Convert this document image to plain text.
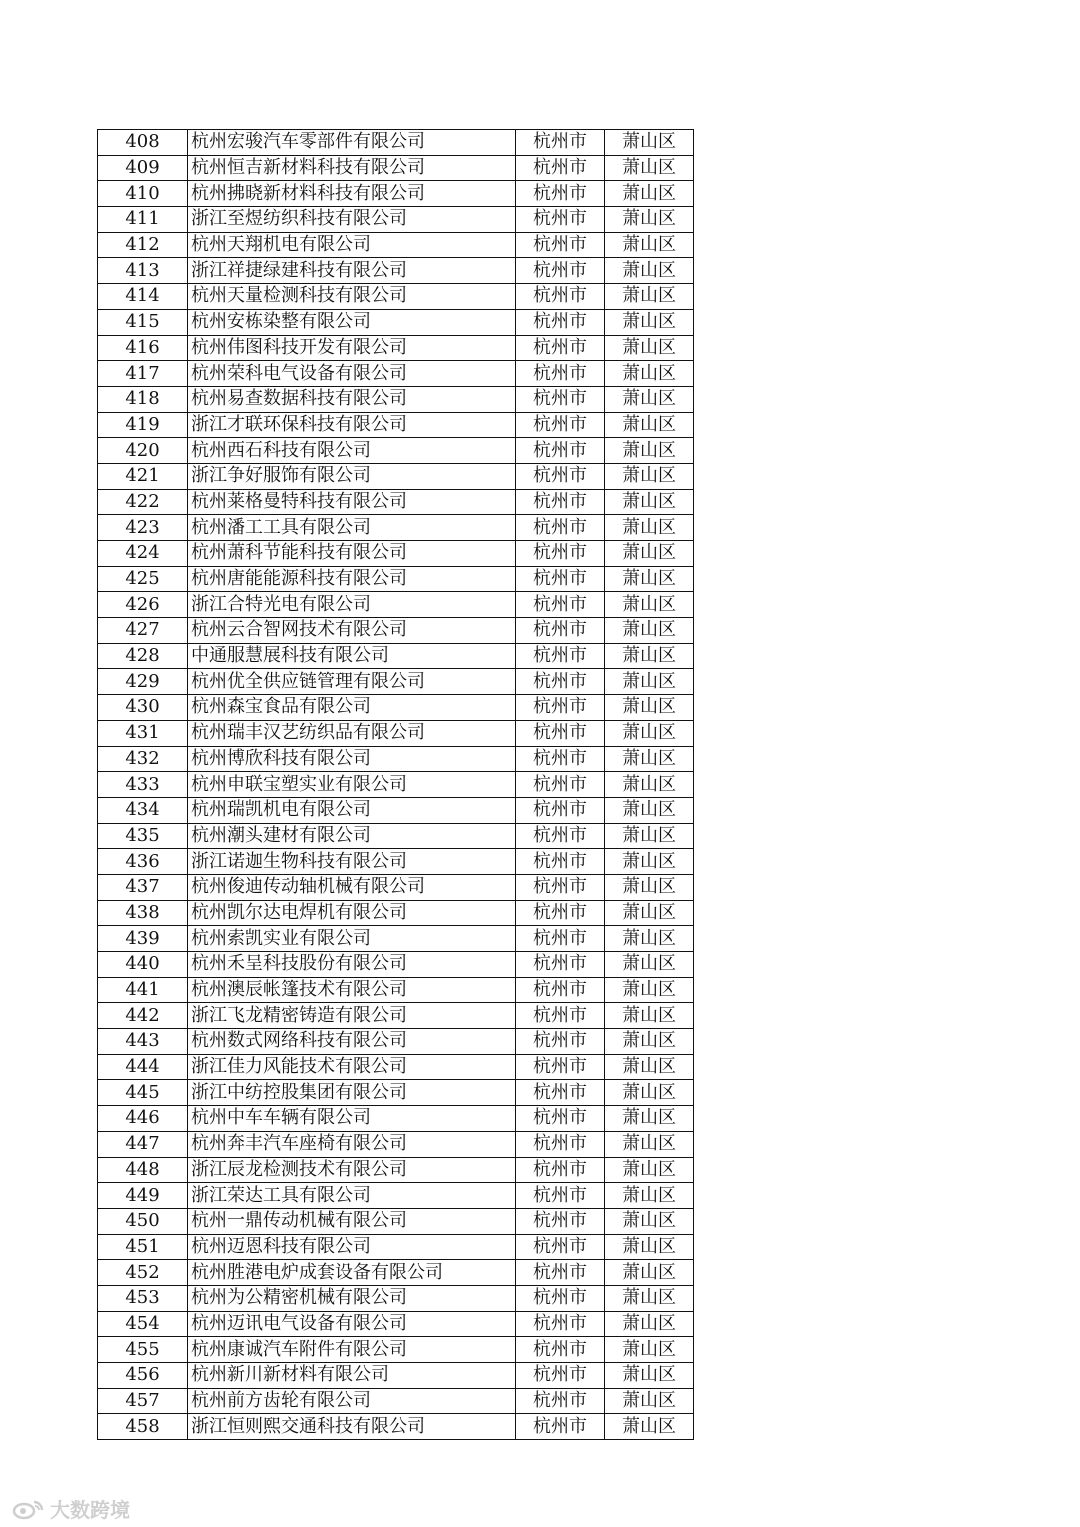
408	杭州宏骏汽车零部件有限公司	杭州市	萧山区
409	杭州恒吉新材料科技有限公司	杭州市	萧山区
410	杭州拂晓新材料科技有限公司	杭州市	萧山区
411	浙江至煜纺织科技有限公司	杭州市	萧山区
412	杭州天翔机电有限公司	杭州市	萧山区
413	浙江祥捷绿建科技有限公司	杭州市	萧山区
414	杭州天量检测科技有限公司	杭州市	萧山区
415	杭州安栋染整有限公司	杭州市	萧山区
416	杭州伟图科技开发有限公司	杭州市	萧山区
417	杭州荣科电气设备有限公司	杭州市	萧山区
418	杭州易查数据科技有限公司	杭州市	萧山区
419	浙江才联环保科技有限公司	杭州市	萧山区
420	杭州西石科技有限公司	杭州市	萧山区
421	浙江争好服饰有限公司	杭州市	萧山区
422	杭州莱格曼特科技有限公司	杭州市	萧山区
423	杭州潘工工具有限公司	杭州市	萧山区
424	杭州萧科节能科技有限公司	杭州市	萧山区
425	杭州唐能能源科技有限公司	杭州市	萧山区
426	浙江合特光电有限公司	杭州市	萧山区
427	杭州云合智网技术有限公司	杭州市	萧山区
428	中通服慧展科技有限公司	杭州市	萧山区
429	杭州优全供应链管理有限公司	杭州市	萧山区
430	杭州森宝食品有限公司	杭州市	萧山区
431	杭州瑞丰汉艺纺织品有限公司	杭州市	萧山区
432	杭州博欣科技有限公司	杭州市	萧山区
433	杭州申联宝塑实业有限公司	杭州市	萧山区
434	杭州瑞凯机电有限公司	杭州市	萧山区
435	杭州潮头建材有限公司	杭州市	萧山区
436	浙江诺迦生物科技有限公司	杭州市	萧山区
437	杭州俊迪传动轴机械有限公司	杭州市	萧山区
438	杭州凯尔达电焊机有限公司	杭州市	萧山区
439	杭州索凯实业有限公司	杭州市	萧山区
440	杭州禾呈科技股份有限公司	杭州市	萧山区
441	杭州澳辰帐篷技术有限公司	杭州市	萧山区
442	浙江飞龙精密铸造有限公司	杭州市	萧山区
443	杭州数式网络科技有限公司	杭州市	萧山区
444	浙江佳力风能技术有限公司	杭州市	萧山区
445	浙江中纺控股集团有限公司	杭州市	萧山区
446	杭州中车车辆有限公司	杭州市	萧山区
447	杭州奔丰汽车座椅有限公司	杭州市	萧山区
448	浙江辰龙检测技术有限公司	杭州市	萧山区
449	浙江荣达工具有限公司	杭州市	萧山区
450	杭州一鼎传动机械有限公司	杭州市	萧山区
451	杭州迈恩科技有限公司	杭州市	萧山区
452	杭州胜港电炉成套设备有限公司	杭州市	萧山区
453	杭州为公精密机械有限公司	杭州市	萧山区
454	杭州迈讯电气设备有限公司	杭州市	萧山区
455	杭州康诚汽车附件有限公司	杭州市	萧山区
456	杭州新川新材料有限公司	杭州市	萧山区
457	杭州前方齿轮有限公司	杭州市	萧山区
458	浙江恒则熙交通科技有限公司	杭州市	萧山区
大数跨境
